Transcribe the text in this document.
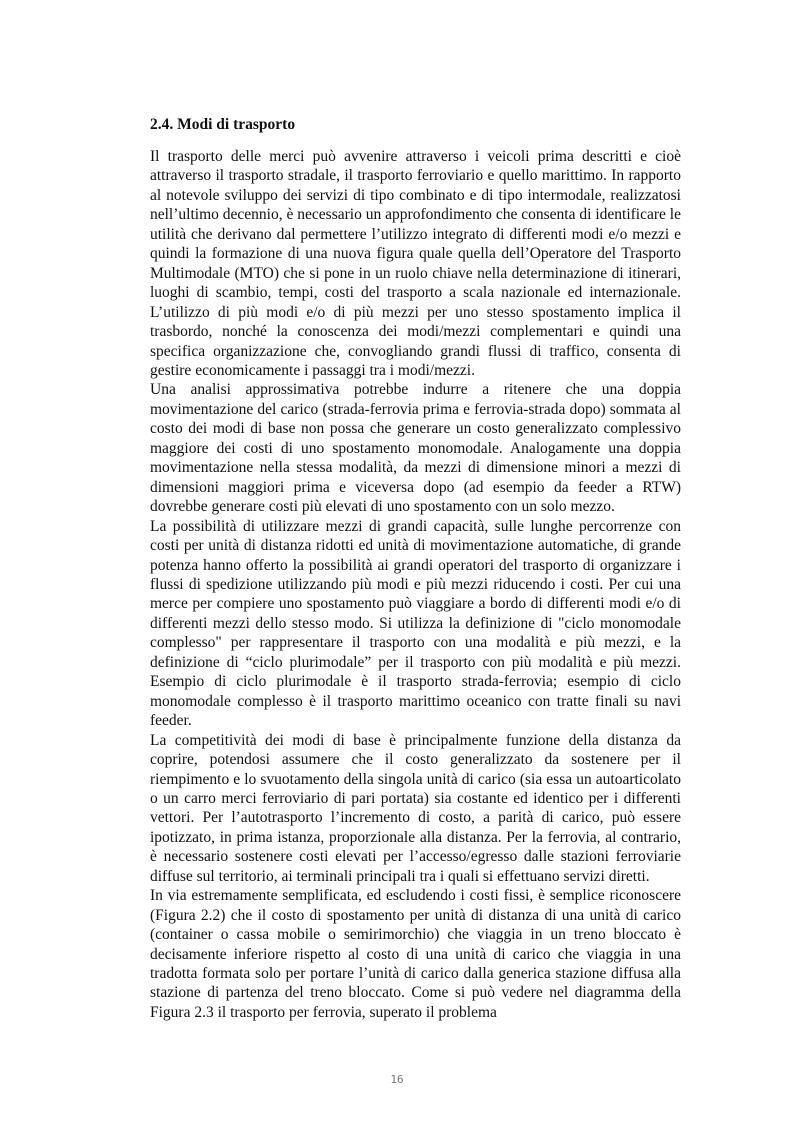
2.4. Modi di trasporto

Il trasporto delle merci può avvenire attraverso i veicoli prima descritti e cioè attraverso il trasporto stradale, il trasporto ferroviario e quello marittimo. In rapporto al notevole sviluppo dei servizi di tipo combinato e di tipo intermodale, realizzatosi nell’ultimo decennio, è necessario un approfondimento che consenta di identificare le utilità che derivano dal permettere l’utilizzo integrato di differenti modi e/o mezzi e quindi la formazione di una nuova figura quale quella dell’Operatore del Trasporto Multimodale (MTO) che si pone in un ruolo chiave nella determinazione di itinerari, luoghi di scambio, tempi, costi del trasporto a scala nazionale ed internazionale. L’utilizzo di più modi e/o di più mezzi per uno stesso spostamento implica il trasbordo, nonché la conoscenza dei modi/mezzi complementari e quindi una specifica organizzazione che, convogliando grandi flussi di traffico, consenta di gestire economicamente i passaggi tra i modi/mezzi.

Una analisi approssimativa potrebbe indurre a ritenere che una doppia movimentazione del carico (strada-ferrovia prima e ferrovia-strada dopo) sommata al costo dei modi di base non possa che generare un costo generalizzato complessivo maggiore dei costi di uno spostamento monomodale. Analogamente una doppia movimentazione nella stessa modalità, da mezzi di dimensione minori a mezzi di dimensioni maggiori prima e viceversa dopo (ad esempio da feeder a RTW) dovrebbe generare costi più elevati di uno spostamento con un solo mezzo.

La possibilità di utilizzare mezzi di grandi capacità, sulle lunghe percorrenze con costi per unità di distanza ridotti ed unità di movimentazione automatiche, di grande potenza hanno offerto la possibilità ai grandi operatori del trasporto di organizzare i flussi di spedizione utilizzando più modi e più mezzi riducendo i costi. Per cui una merce per compiere uno spostamento può viaggiare a bordo di differenti modi e/o di differenti mezzi dello stesso modo. Si utilizza la definizione di "ciclo monomodale complesso" per rappresentare il trasporto con una modalità e più mezzi, e la definizione di “ciclo plurimodale” per il trasporto con più modalità e più mezzi. Esempio di ciclo plurimodale è il trasporto strada-ferrovia; esempio di ciclo monomodale complesso è il trasporto marittimo oceanico con tratte finali su navi feeder.

La competitività dei modi di base è principalmente funzione della distanza da coprire, potendosi assumere che il costo generalizzato da sostenere per il riempimento e lo svuotamento della singola unità di carico (sia essa un autoarticolato o un carro merci ferroviario di pari portata) sia costante ed identico per i differenti vettori. Per l’autotrasporto l’incremento di costo, a parità di carico, può essere ipotizzato, in prima istanza, proporzionale alla distanza. Per la ferrovia, al contrario, è necessario sostenere costi elevati per l’accesso/egresso dalle stazioni ferroviarie diffuse sul territorio, ai terminali principali tra i quali si effettuano servizi diretti.

In via estremamente semplificata, ed escludendo i costi fissi, è semplice riconoscere (Figura 2.2) che il costo di spostamento per unità di distanza di una unità di carico (container o cassa mobile o semirimorchio) che viaggia in un treno bloccato è decisamente inferiore rispetto al costo di una unità di carico che viaggia in una tradotta formata solo per portare l’unità di carico dalla generica stazione diffusa alla stazione di partenza del treno bloccato. Come si può vedere nel diagramma della Figura 2.3 il trasporto per ferrovia, superato il problema

16
